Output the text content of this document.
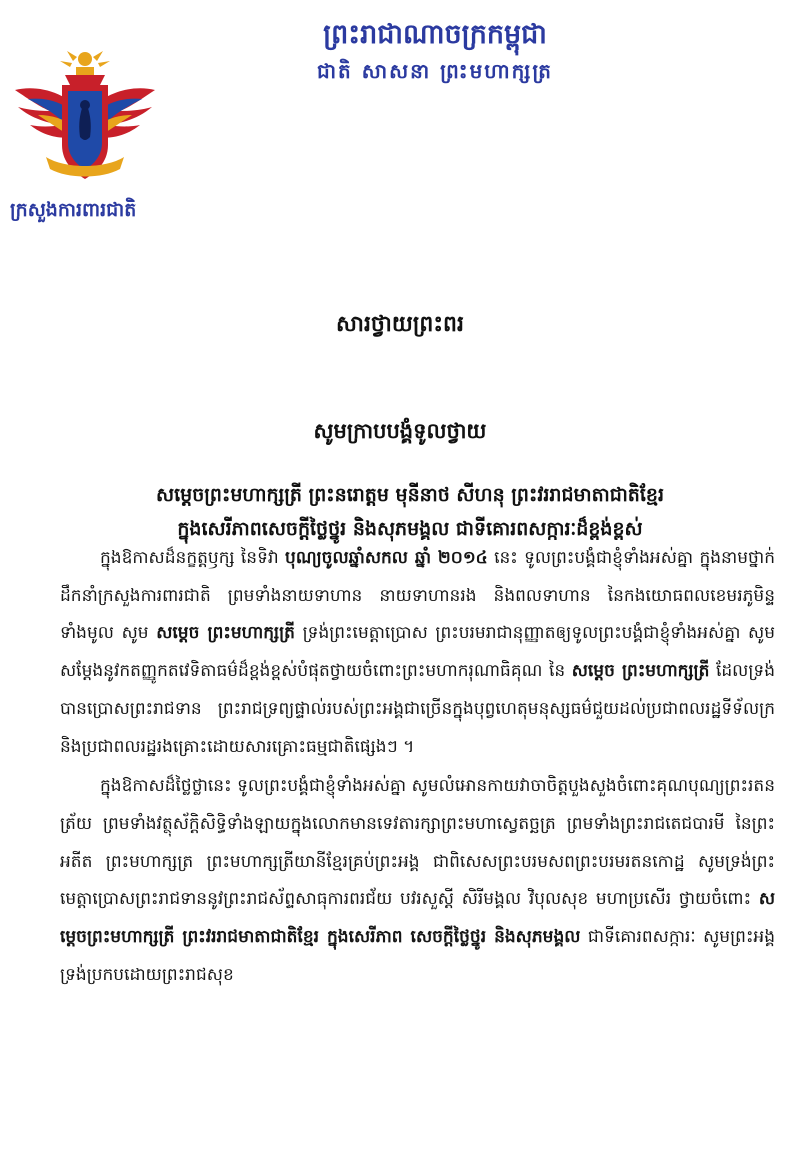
ព្រះរាជាណាចក្រកម្ពុជា
ជាតិ សាសនា ព្រះមហាក្សត្រ
ក្រសួងការពារជាតិ
សារថ្វាយព្រះពរ
សូមក្រាបបង្គំទូលថ្វាយ
សម្តេចព្រះមហាក្សត្រី ព្រះនរោត្តម មុនីនាថ សីហនុ ព្រះវររាជមាតាជាតិខ្មែរ
ក្នុងសេរីភាពសេចក្តីថ្លៃថ្នូរ និងសុភមង្គល ជាទីគោរពសក្ការៈដ៏ខ្ពង់ខ្ពស់

ក្នុងឱកាសដ៏នក្ខត្តឫក្ស នៃទិវា បុណ្យចូលឆ្នាំសកល ឆ្នាំ ២០១៤ នេះ ទូលព្រះបង្គំជាខ្ញុំទាំងអស់គ្នា ក្នុងនាមថ្នាក់ដឹកនាំក្រសួងការពារជាតិ ព្រមទាំងនាយទាហាន នាយទាហានរង និងពលទាហាន នៃកងយោធពលខេមរភូមិន្ទទាំងមូល សូម សម្តេច ព្រះមហាក្សត្រី ទ្រង់ព្រះមេត្តាប្រោស ព្រះបរមរាជានុញ្ញាតឲ្យទូលព្រះបង្គំជាខ្ញុំទាំងអស់គ្នា សូមសម្តែងនូវកតញ្ញូកតវេទិតាធម៌ដ៏ខ្ពង់ខ្ពស់បំផុតថ្វាយចំពោះព្រះមហាករុណាធិគុណ នៃ សម្តេច ព្រះមហាក្សត្រី ដែលទ្រង់បានប្រោសព្រះរាជទាន ព្រះរាជទ្រព្យផ្ទាល់របស់ព្រះអង្គជាច្រើនក្នុងបុព្វហេតុមនុស្សធម៌ជួយដល់ប្រជាពលរដ្ឋទីទ័លក្រ និងប្រជាពលរដ្ឋរងគ្រោះដោយសារគ្រោះធម្មជាតិផ្សេងៗ ។

ក្នុងឱកាសដ៏ថ្លៃថ្លានេះ ទូលព្រះបង្គំជាខ្ញុំទាំងអស់គ្នា សូមលំអោនកាយវាចាចិត្តបួងសួងចំពោះគុណបុណ្យព្រះរតនត្រ័យ ព្រមទាំងវត្ថុស័ក្តិសិទ្ធិទាំងឡាយក្នុងលោកមានទេវតារក្សាព្រះមហាស្វេតច្ឆត្រ ព្រមទាំងព្រះរាជតេជបារមី នៃព្រះអតីត ព្រះមហាក្សត្រ ព្រះមហាក្សត្រីយានីខ្មែរគ្រប់ព្រះអង្គ ជាពិសេសព្រះបរមសពព្រះបរមរតនកោដ្ឋ សូមទ្រង់ព្រះមេត្តាប្រោសព្រះរាជទាននូវព្រះរាជស័ព្ទសាធុការពរជ័យ បវរសួស្តី សិរីមង្គល វិបុលសុខ មហាប្រសើរ ថ្វាយចំពោះ សម្តេចព្រះមហាក្សត្រី ព្រះវររាជមាតាជាតិខ្មែរ ក្នុងសេរីភាព សេចក្តីថ្លៃថ្នូរ និងសុភមង្គល ជាទីគោរពសក្ការៈ សូមព្រះអង្គទ្រង់ប្រកបដោយព្រះរាជសុខ
